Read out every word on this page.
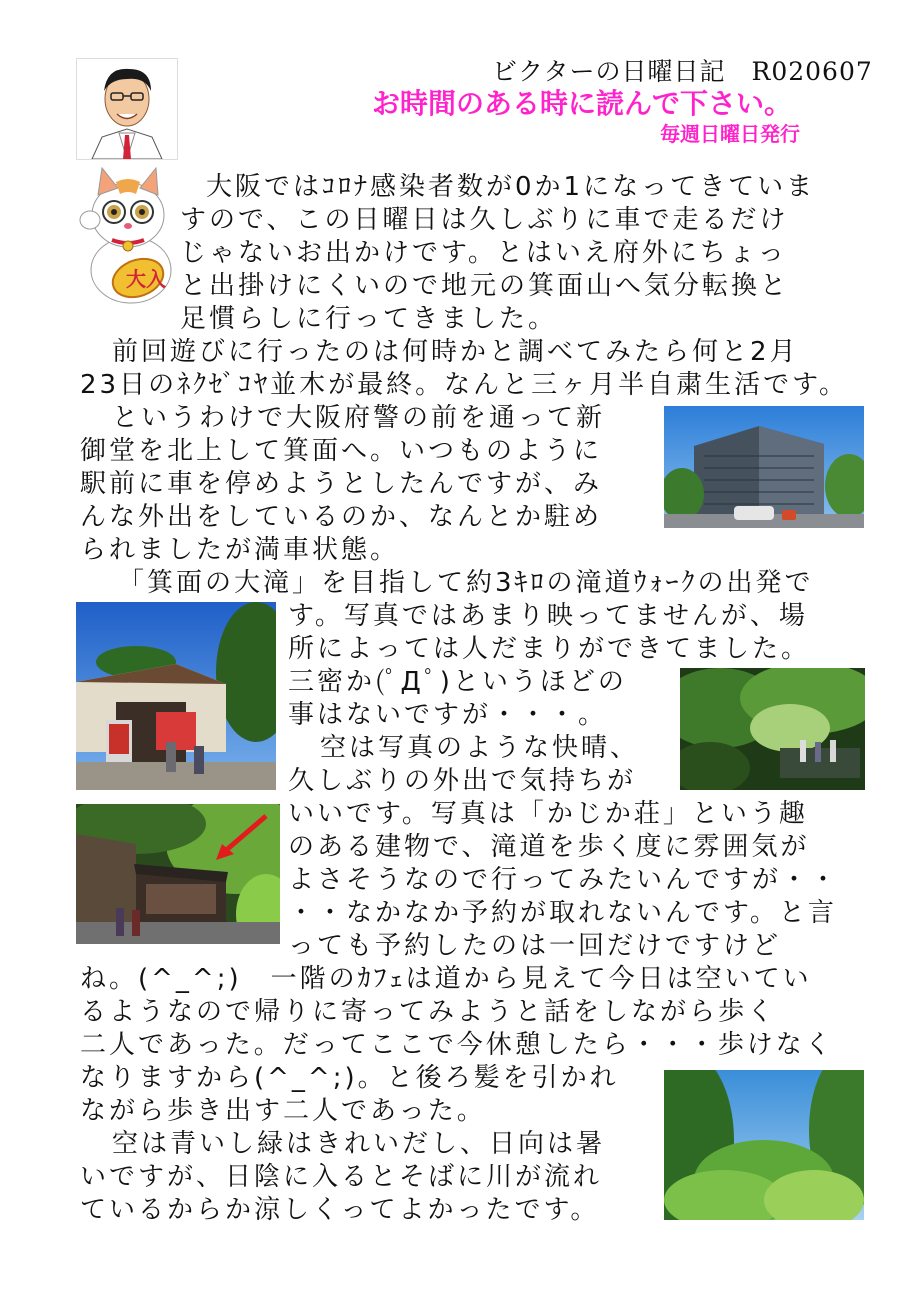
ビクターの日曜日記　R020607
お時間のある時に読んで下さい。
毎週日曜日発行
大入
大阪ではｺﾛﾅ感染者数が0か1になってきていま
すので、この日曜日は久しぶりに車で走るだけ
じゃないお出かけです。とはいえ府外にちょっ
と出掛けにくいので地元の箕面山へ気分転換と
足慣らしに行ってきました。
前回遊びに行ったのは何時かと調べてみたら何と2月
23日のﾈｸｾﾞｺﾔ並木が最終。なんと三ヶ月半自粛生活です。
というわけで大阪府警の前を通って新
御堂を北上して箕面へ。いつものように
駅前に車を停めようとしたんですが、み
んな外出をしているのか、なんとか駐め
られましたが満車状態。
「箕面の大滝」を目指して約3ｷﾛの滝道ｳｫｰｸの出発で
す。写真ではあまり映ってませんが、場
所によっては人だまりができてました。
三密か(ﾟДﾟ)というほどの
事はないですが・・・。
空は写真のような快晴、
久しぶりの外出で気持ちが
いいです。写真は「かじか荘」という趣
のある建物で、滝道を歩く度に雰囲気が
よさそうなので行ってみたいんですが・・
・・なかなか予約が取れないんです。と言
っても予約したのは一回だけですけど
ね。(^_^;)　一階のｶﾌｪは道から見えて今日は空いてい
るようなので帰りに寄ってみようと話をしながら歩く
二人であった。だってここで今休憩したら・・・歩けなく
なりますから(^_^;)。と後ろ髪を引かれ
ながら歩き出す二人であった。
空は青いし緑はきれいだし、日向は暑
いですが、日陰に入るとそばに川が流れ
ているからか涼しくってよかったです。
